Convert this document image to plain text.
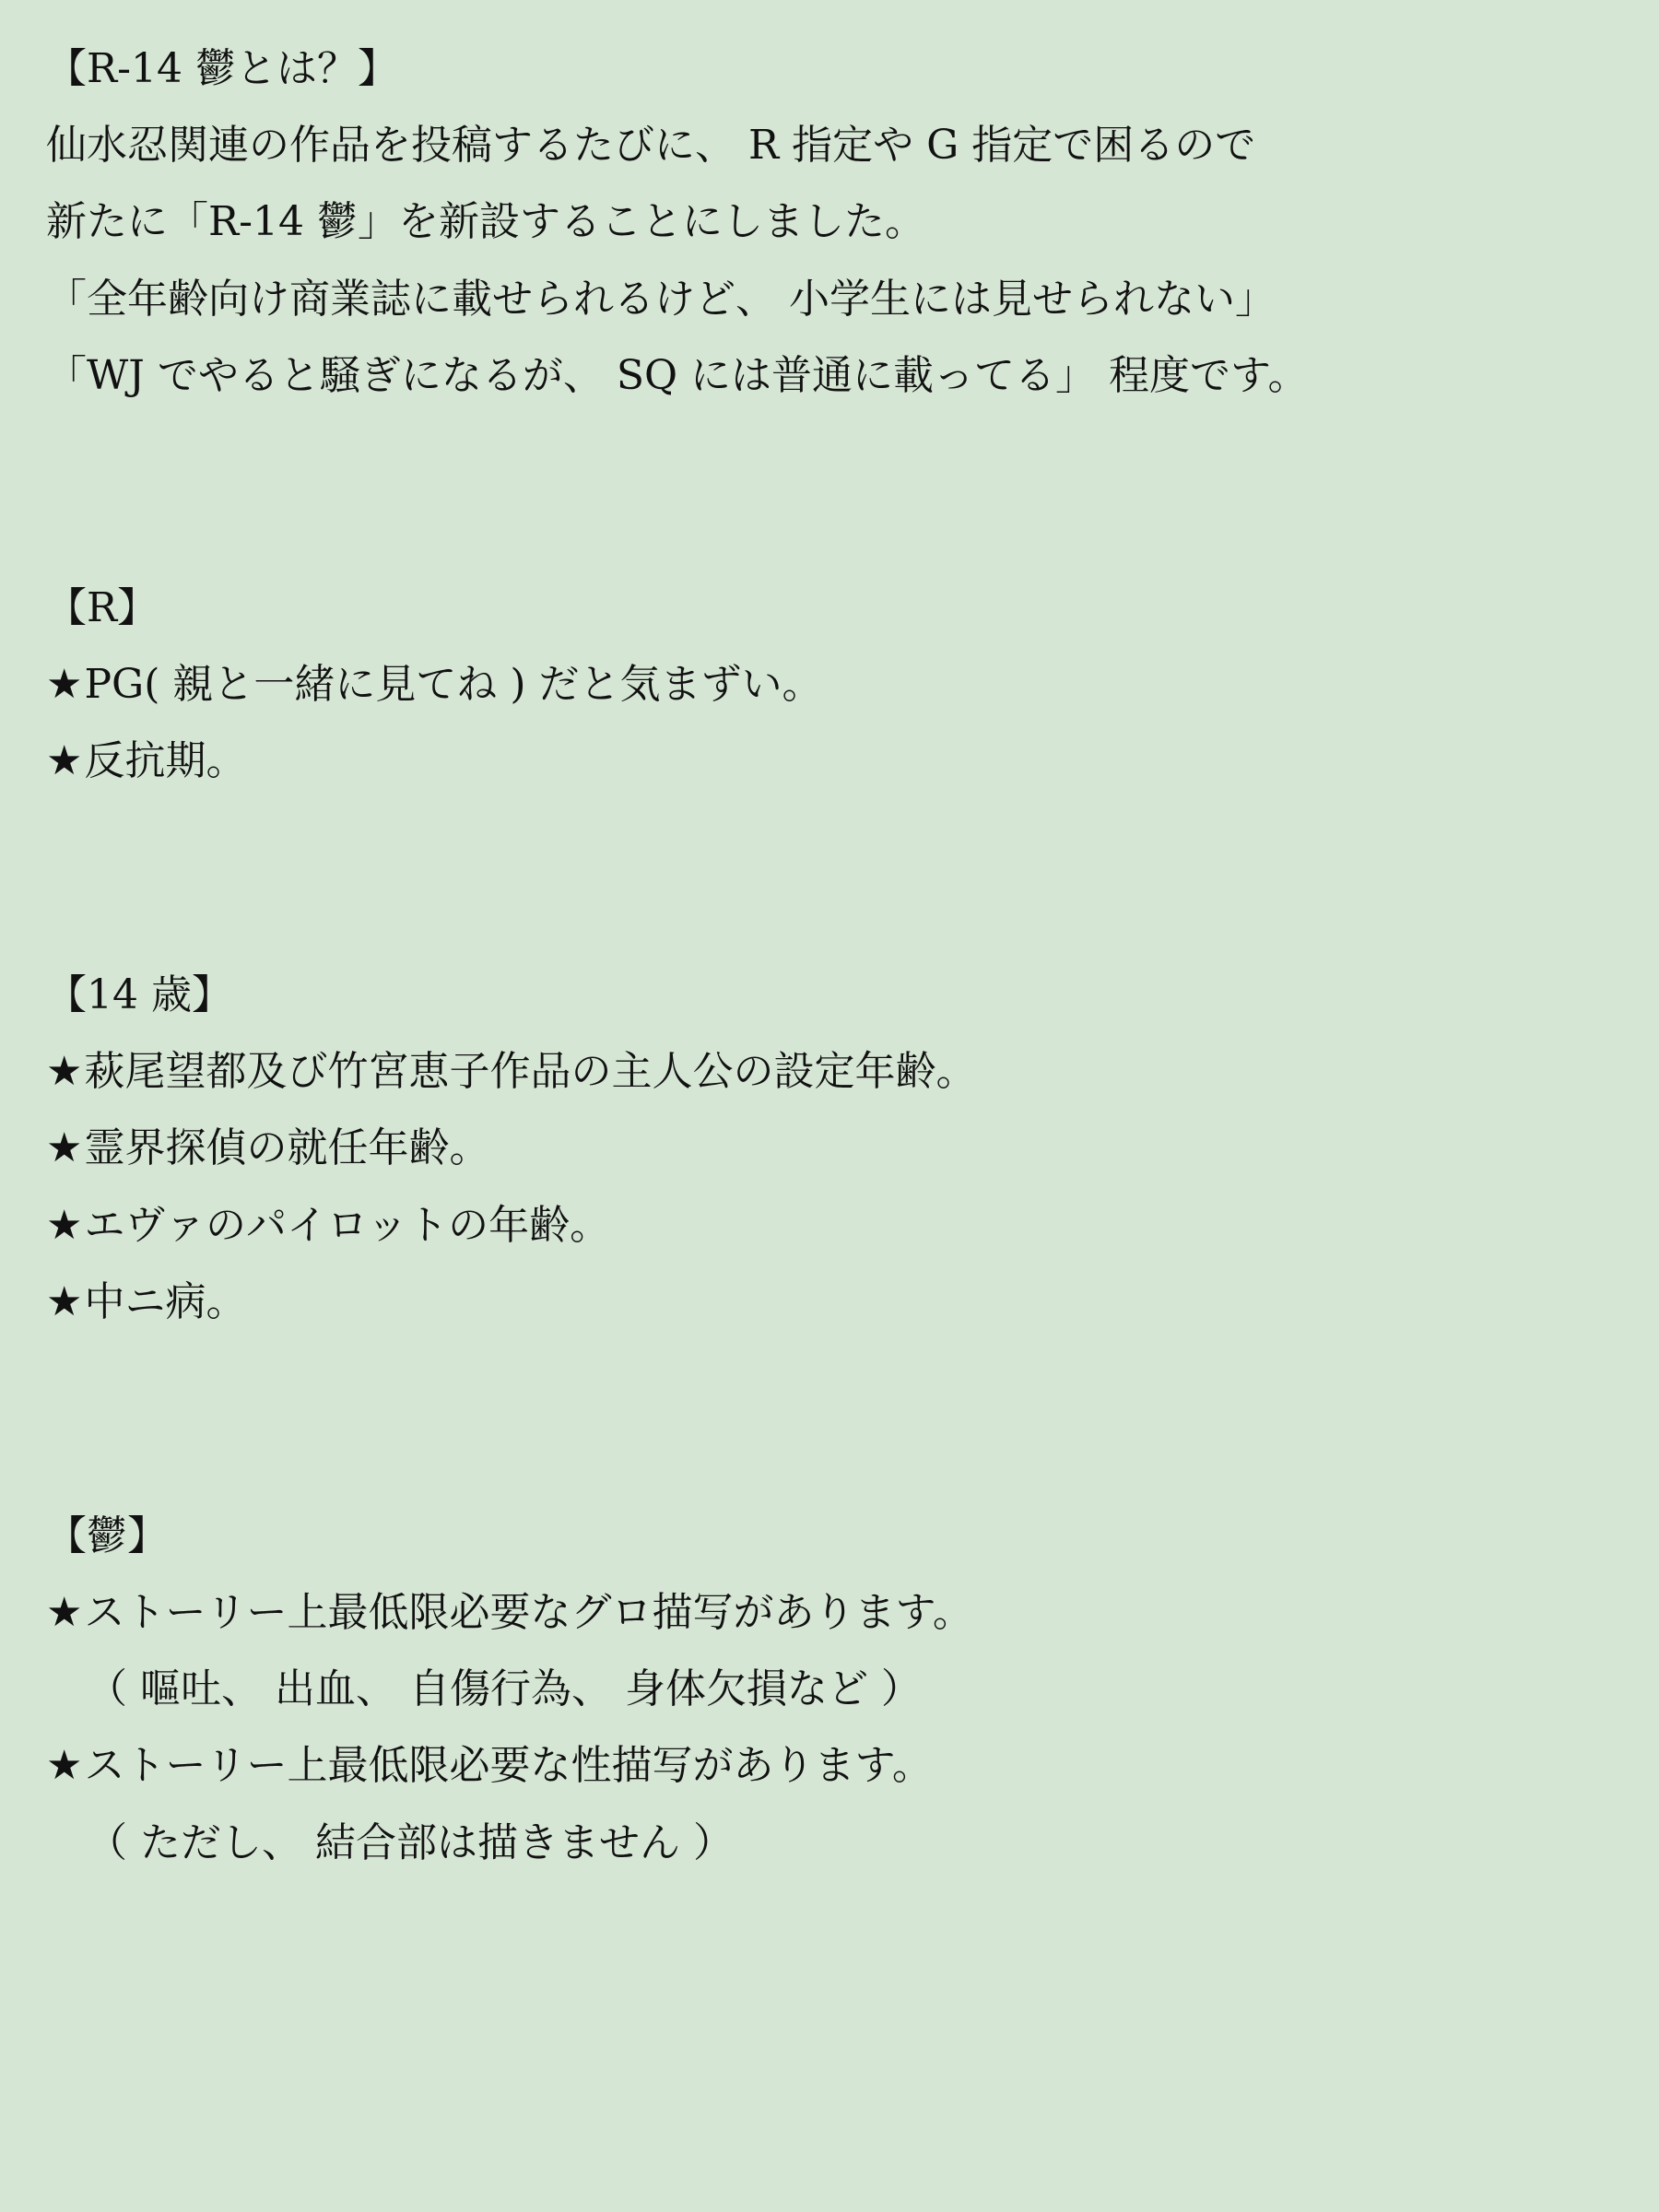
【R-14 鬱とは？】
仙水忍関連の作品を投稿するたびに、 R 指定や G 指定で困るので
新たに「R-14 鬱」を新設することにしました。
「全年齢向け商業誌に載せられるけど、 小学生には見せられない」
「WJ でやると騒ぎになるが、 SQ には普通に載ってる」 程度です。
【R】
★PG( 親と一緒に見てね ) だと気まずい。
★反抗期。
【14 歳】
★萩尾望都及び竹宮恵子作品の主人公の設定年齢。
★霊界探偵の就任年齢。
★エヴァのパイロットの年齢。
★中ニ病。
【鬱】
★ストーリー上最低限必要なグロ描写があります。
（ 嘔吐、 出血、 自傷行為、 身体欠損など ）
★ストーリー上最低限必要な性描写があります。
（ ただし、 結合部は描きません ）
